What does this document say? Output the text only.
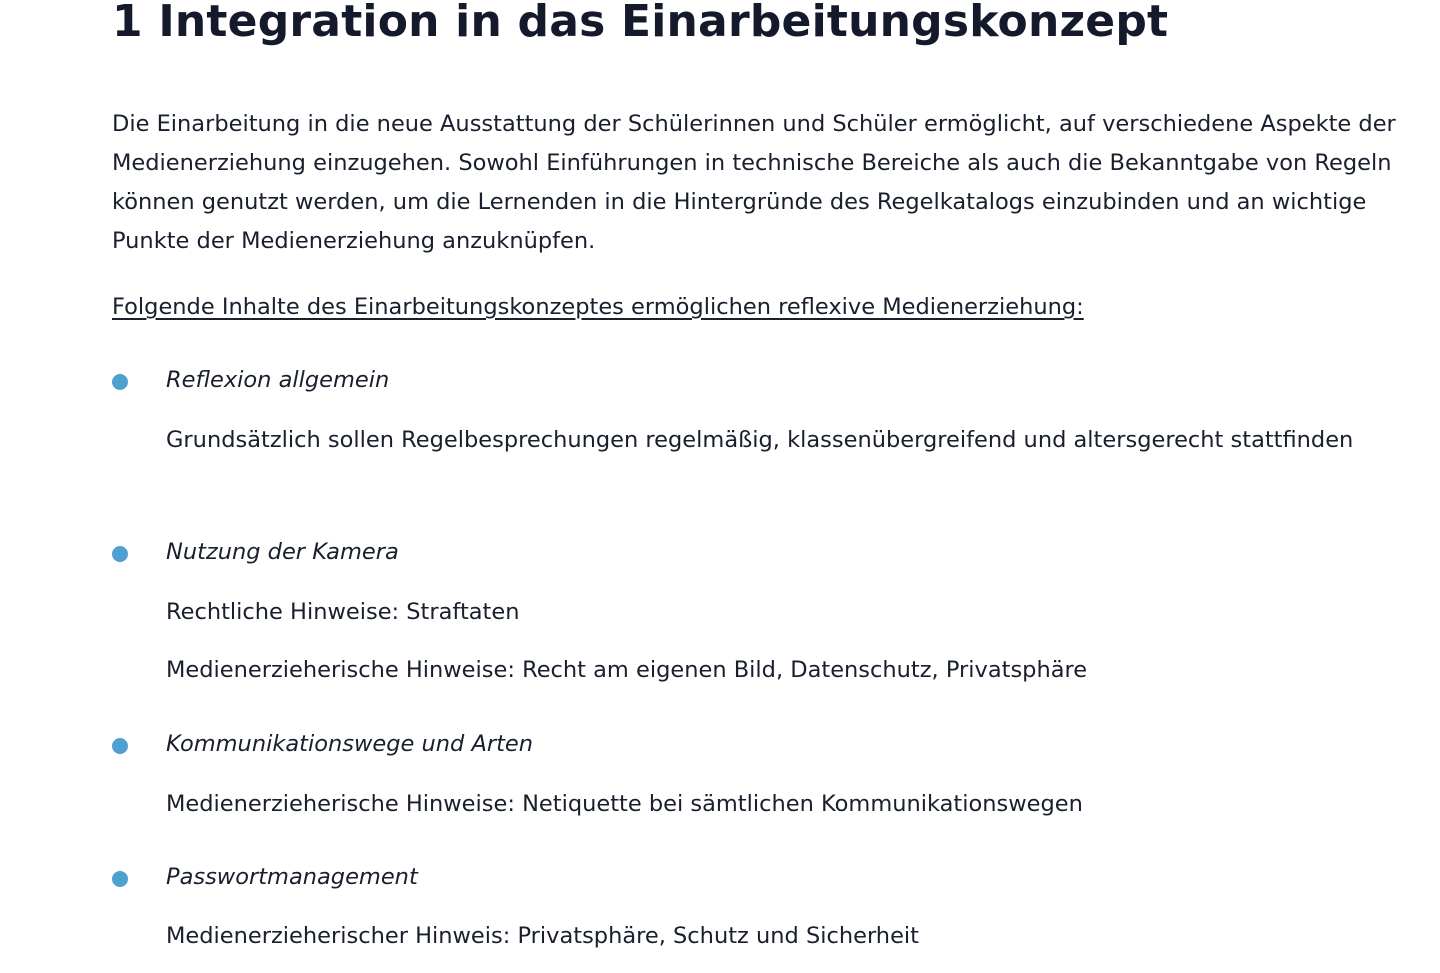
1 Integration in das Einarbeitungskonzept

Die Einarbeitung in die neue Ausstattung der Schülerinnen und Schüler ermöglicht, auf verschiedene Aspekte der Medienerziehung einzugehen. Sowohl Einführungen in technische Bereiche als auch die Bekanntgabe von Regeln können genutzt werden, um die Lernenden in die Hintergründe des Regelkatalogs einzubinden und an wichtige Punkte der Medienerziehung anzuknüpfen.

Folgende Inhalte des Einarbeitungskonzeptes ermöglichen reflexive Medienerziehung:

Reflexion allgemein

Grundsätzlich sollen Regelbesprechungen regelmäßig, klassenübergreifend und altersgerecht stattfinden

Nutzung der Kamera

Rechtliche Hinweise: Straftaten

Medienerzieherische Hinweise: Recht am eigenen Bild, Datenschutz, Privatsphäre

Kommunikationswege und Arten

Medienerzieherische Hinweise: Netiquette bei sämtlichen Kommunikationswegen

Passwortmanagement

Medienerzieherischer Hinweis: Privatsphäre, Schutz und Sicherheit
